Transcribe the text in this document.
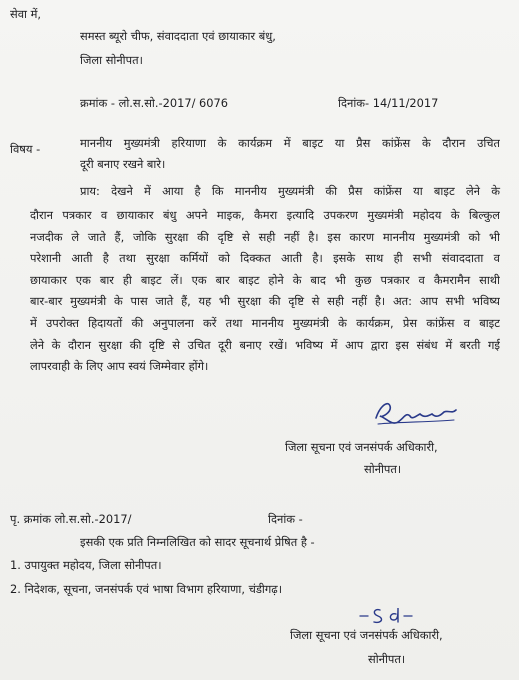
सेवा में,
समस्त ब्यूरो चीफ, संवाददाता एवं छायाकार बंधु,
जिला सोनीपत।
क्रमांक - लो.स.सो.-2017/ 6076	दिनांक- 14/11/2017
विषय -	माननीय मुख्यमंत्री हरियाणा के कार्यक्रम में बाइट या प्रैस कांफ्रेंस के दौरान उचित
दूरी बनाए रखने बारे।
प्राय: देखने में आया है कि माननीय मुख्यमंत्री की प्रैस कांफ्रेंस या बाइट लेने के
दौरान पत्रकार व छायाकार बंधु अपने माइक, कैमरा इत्यादि उपकरण मुख्यमंत्री महोदय के बिल्कुल
नजदीक ले जाते हैं, जोकि सुरक्षा की दृष्टि से सही नहीं है। इस कारण माननीय मुख्यमंत्री को भी
परेशानी आती है तथा सुरक्षा कर्मियों को दिक्कत आती है। इसके साथ ही सभी संवाददाता व
छायाकार एक बार ही बाइट लें। एक बार बाइट होने के बाद भी कुछ पत्रकार व कैमरामैन साथी
बार-बार मुख्यमंत्री के पास जाते हैं, यह भी सुरक्षा की दृष्टि से सही नहीं है। अत: आप सभी भविष्य
में उपरोक्त हिदायतों की अनुपालना करें तथा माननीय मुख्यमंत्री के कार्यक्रम, प्रेस कांफ्रेंस व बाइट
लेने के दौरान सुरक्षा की दृष्टि से उचित दूरी बनाए रखें। भविष्य में आप द्वारा इस संबंध में बरती गई
लापरवाही के लिए आप स्वयं जिम्मेवार होंगे।
जिला सूचना एवं जनसंपर्क अधिकारी,
सोनीपत।
पृ. क्रमांक लो.स.सो.-2017/	दिनांक -
इसकी एक प्रति निम्नलिखित को सादर सूचनार्थ प्रेषित है -
1. उपायुक्त महोदय, जिला सोनीपत।
2. निदेशक, सूचना, जनसंपर्क एवं भाषा विभाग हरियाणा, चंडीगढ़।
जिला सूचना एवं जनसंपर्क अधिकारी,
सोनीपत।
